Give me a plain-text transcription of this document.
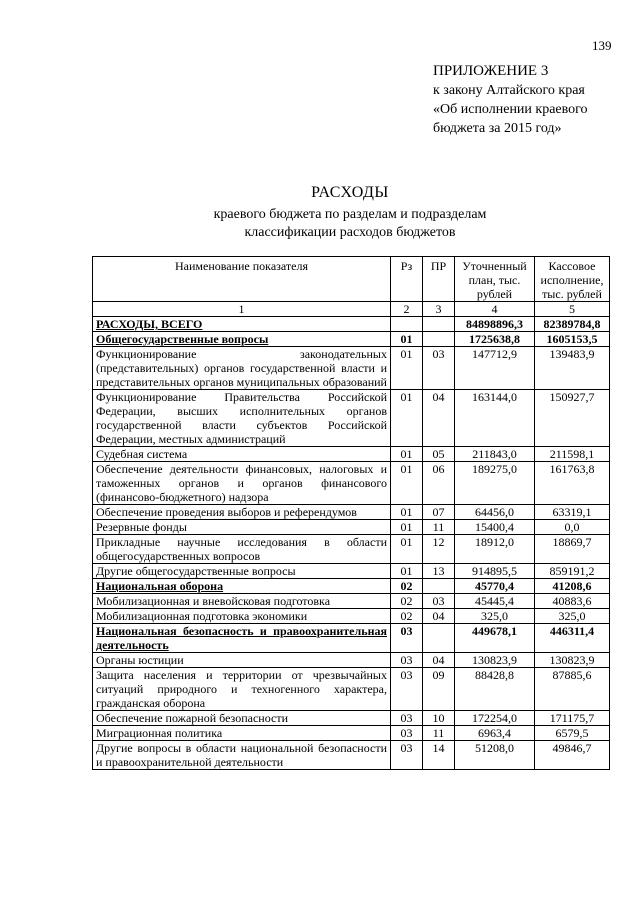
139
ПРИЛОЖЕНИЕ 3
к закону Алтайского края
«Об исполнении краевого
бюджета за 2015 год»
РАСХОДЫ
краевого бюджета по разделам и подразделам
классификации расходов бюджетов
Наименование показателя	Рз	ПР	Уточненный план, тыс. рублей	Кассовое исполнение, тыс. рублей
1	2	3	4	5
РАСХОДЫ, ВСЕГО			84898896,3	82389784,8
Общегосударственные вопросы	01		1725638,8	1605153,5
Функционирование законодательных (представительных) органов государственной власти и представительных органов муниципальных образований	01	03	147712,9	139483,9
Функционирование Правительства Российской Федерации, высших исполнительных органов государственной власти субъектов Российской Федерации, местных администраций	01	04	163144,0	150927,7
Судебная система	01	05	211843,0	211598,1
Обеспечение деятельности финансовых, налоговых и таможенных органов и органов финансового (финансово-бюджетного) надзора	01	06	189275,0	161763,8
Обеспечение проведения выборов и референдумов	01	07	64456,0	63319,1
Резервные фонды	01	11	15400,4	0,0
Прикладные научные исследования в области общегосударственных вопросов	01	12	18912,0	18869,7
Другие общегосударственные вопросы	01	13	914895,5	859191,2
Национальная оборона	02		45770,4	41208,6
Мобилизационная и вневойсковая подготовка	02	03	45445,4	40883,6
Мобилизационная подготовка экономики	02	04	325,0	325,0
Национальная безопасность и правоохранительная деятельность	03		449678,1	446311,4
Органы юстиции	03	04	130823,9	130823,9
Защита населения и территории от чрезвычайных ситуаций природного и техногенного характера, гражданская оборона	03	09	88428,8	87885,6
Обеспечение пожарной безопасности	03	10	172254,0	171175,7
Миграционная политика	03	11	6963,4	6579,5
Другие вопросы в области национальной безопасности и правоохранительной деятельности	03	14	51208,0	49846,7
